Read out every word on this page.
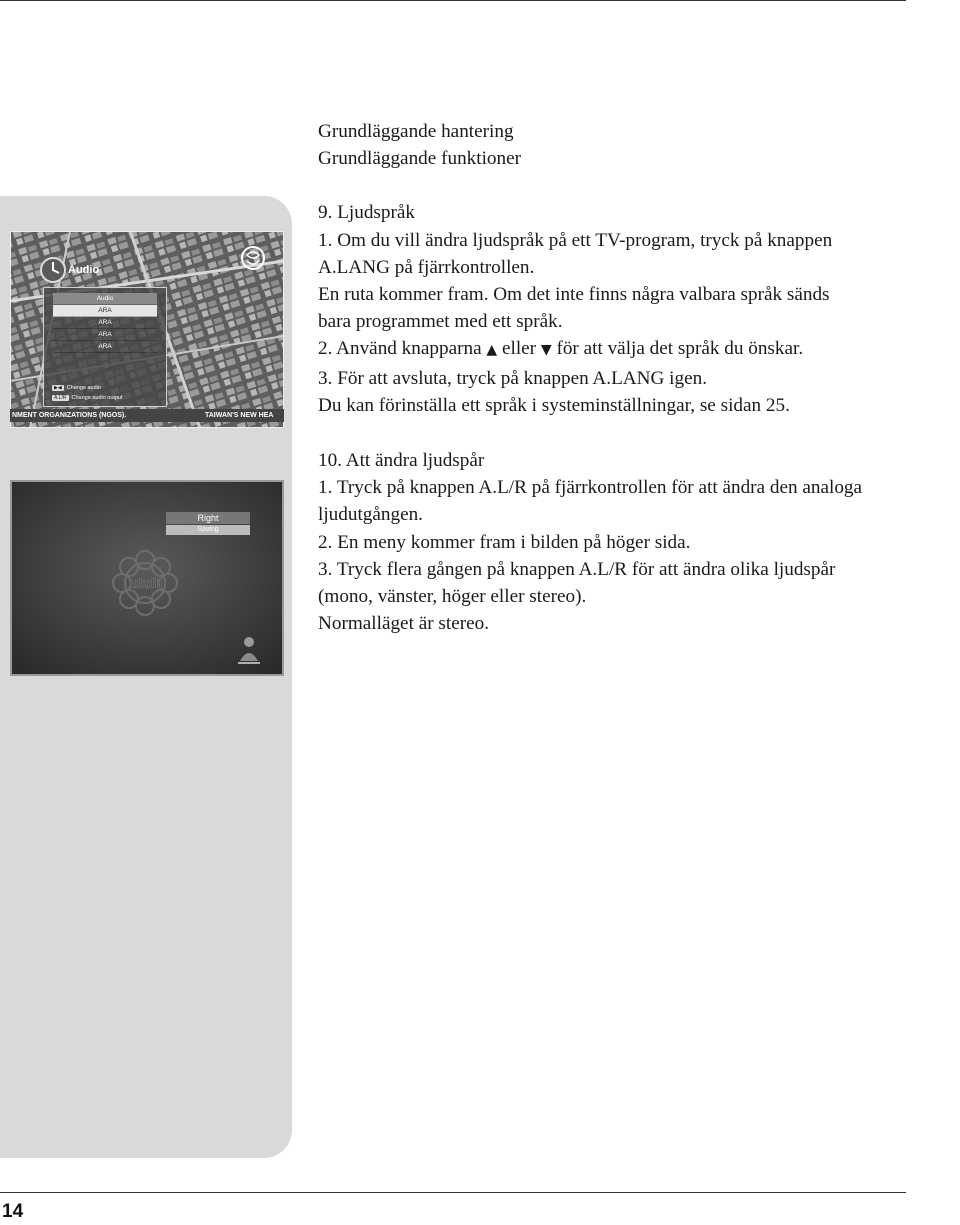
Audio
Audio
ARA
ARA
ARA
ARA
▶◀ Change audio
A.L/R Change audio output
NMENT ORGANIZATIONS (NGOS).	TAIWAN'S NEW HEA
Right
Saving
ulullı

Grundläggande hantering

Grundläggande funktioner

9. Ljudspråk

1. Om du vill ändra ljudspråk på ett TV-program, tryck på knappen

A.LANG på fjärrkontrollen.

En ruta kommer fram. Om det inte finns några valbara språk sänds

bara programmet med ett språk.

2. Använd knapparna ▲ eller ▼ för att välja det språk du önskar.

3. För att avsluta, tryck på knappen A.LANG igen.

Du kan förinställa ett språk i systeminställningar, se sidan 25.

10. Att ändra ljudspår

1. Tryck på knappen A.L/R på fjärrkontrollen för att ändra den analoga

ljudutgången.

2. En meny kommer fram i bilden på höger sida.

3. Tryck flera gången på knappen A.L/R för att ändra olika ljudspår

(mono, vänster, höger eller stereo).

Normalläget är stereo.

14
